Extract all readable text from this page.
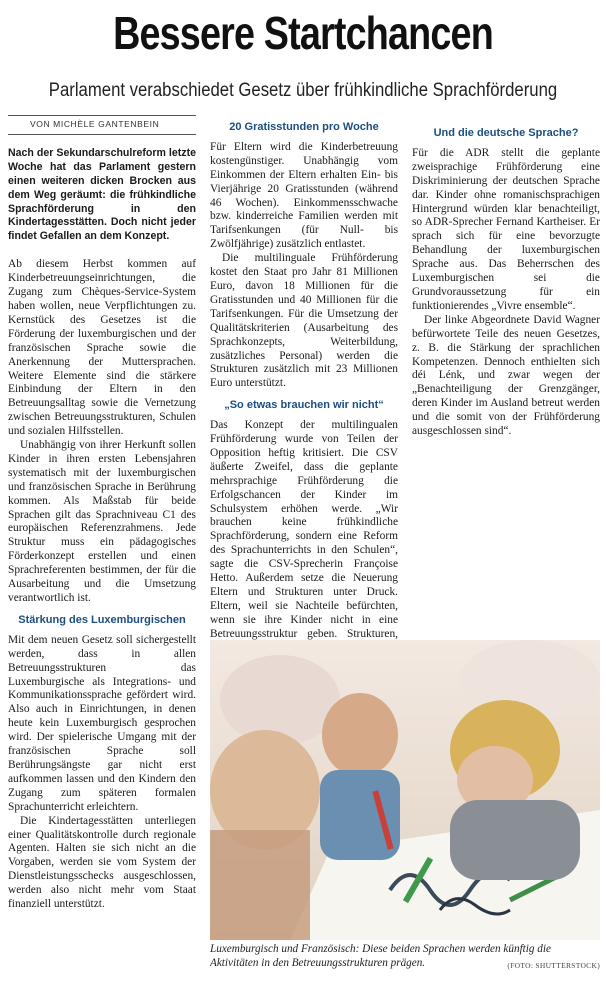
Bessere Startchancen
Parlament verabschiedet Gesetz über frühkindliche Sprachförderung
VON MICHÈLE GANTENBEIN
Nach der Sekundarschulreform letzte Woche hat das Parlament gestern einen weiteren dicken Brocken aus dem Weg geräumt: die frühkindliche Sprachförderung in den Kindertagesstätten. Doch nicht jeder findet Gefallen an dem Konzept.

Ab diesem Herbst kommen auf Kinderbetreuungseinrichtungen, die Zugang zum Chèques-Service-System haben wollen, neue Verpflichtungen zu. Kernstück des Gesetzes ist die Förderung der luxemburgischen und der französischen Sprache sowie die Anerkennung der Muttersprachen. Weitere Elemente sind die stärkere Einbindung der Eltern in den Betreuungsalltag sowie die Vernetzung zwischen Betreuungsstrukturen, Schulen und sozialen Hilfsstellen.

Unabhängig von ihrer Herkunft sollen Kinder in ihren ersten Lebensjahren systematisch mit der luxemburgischen und französischen Sprache in Berührung kommen. Als Maßstab für beide Sprachen gilt das Sprachniveau C1 des europäischen Referenzrahmens. Jede Struktur muss ein pädagogisches Förderkonzept erstellen und einen Sprachreferenten bestimmen, der für die Ausarbeitung und die Umsetzung verantwortlich ist.

Stärkung des Luxemburgischen

Mit dem neuen Gesetz soll sichergestellt werden, dass in allen Betreuungsstrukturen das Luxemburgische als Integrations- und Kommunikationssprache gefördert wird. Also auch in Einrichtungen, in denen heute kein Luxemburgisch gesprochen wird. Der spielerische Umgang mit der französischen Sprache soll Berührungsängste gar nicht erst aufkommen lassen und den Kindern den Zugang zum späteren formalen Sprachunterricht erleichtern.

Die Kindertagesstätten unterliegen einer Qualitätskontrolle durch regionale Agenten. Halten sie sich nicht an die Vorgaben, werden sie vom System der Dienstleistungsschecks ausgeschlossen, werden also nicht mehr vom Staat finanziell unterstützt.

20 Gratisstunden pro Woche

Für Eltern wird die Kinderbetreuung kostengünstiger. Unabhängig vom Einkommen der Eltern erhalten Ein- bis Vierjährige 20 Gratisstunden (während 46 Wochen). Einkommensschwache bzw. kinderreiche Familien werden mit Tarifsenkungen (für Null- bis Zwölfjährige) zusätzlich entlastet.

Die multilinguale Frühförderung kostet den Staat pro Jahr 81 Millionen Euro, davon 18 Millionen für die Gratisstunden und 40 Millionen für die Tarifsenkungen. Für die Umsetzung der Qualitätskriterien (Ausarbeitung des Sprachkonzepts, Weiterbildung, zusätzliches Personal) werden die Strukturen zusätzlich mit 23 Millionen Euro unterstützt.

„So etwas brauchen wir nicht“

Das Konzept der multilingualen Frühförderung wurde von Teilen der Opposition heftig kritisiert. Die CSV äußerte Zweifel, dass die geplante mehrsprachige Frühförderung die Erfolgschancen der Kinder im Schulsystem erhöhen werde. „Wir brauchen keine frühkindliche Sprachförderung, sondern eine Reform des Sprachunterrichts in den Schulen“, sagte die CSV-Sprecherin Françoise Hetto. Außerdem setze die Neuerung Eltern und Strukturen unter Druck. Eltern, weil sie Nachteile befürchten, wenn sie ihre Kinder nicht in eine Betreuungsstruktur geben. Strukturen,

Und die deutsche Sprache?

Für die ADR stellt die geplante zweisprachige Frühförderung eine Diskriminierung der deutschen Sprache dar. Kinder ohne romanischsprachigen Hintergrund würden klar benachteiligt, so ADR-Sprecher Fernand Kartheiser. Er sprach sich für eine bevorzugte Behandlung der luxemburgischen Sprache aus. Das Beherrschen des Luxemburgischen sei die Grundvoraussetzung für ein funktionierendes „Vivre ensemble“.

Der linke Abgeordnete David Wagner befürwortete Teile des neuen Gesetzes, z. B. die Stärkung der sprachlichen Kompetenzen. Dennoch enthielten sich déi Lénk, und zwar wegen der „Benachteiligung der Grenzgänger, deren Kinder im Ausland betreut werden und die somit von der Frühförderung ausgeschlossen sind“.

Luxemburgisch und Französisch: Diese beiden Sprachen werden künftig die Aktivitäten in den Betreuungsstrukturen prägen.	(FOTO: SHUTTERSTOCK)
